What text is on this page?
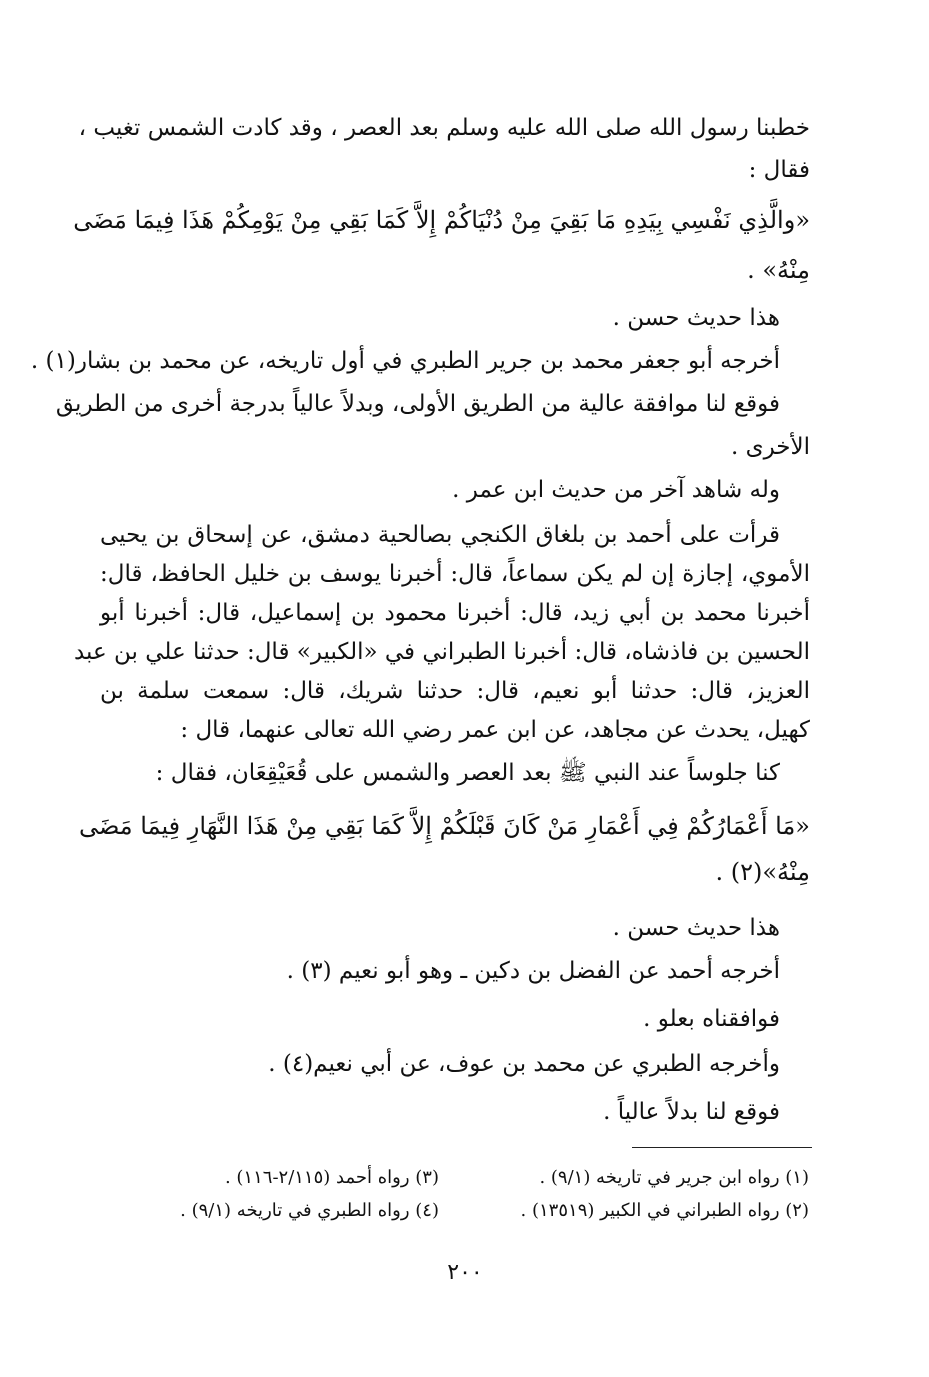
خطبنا رسول الله صلى الله عليه وسلم بعد العصر ، وقد كادت الشمس تغيب ،
فقال :
«والَّذِي نَفْسِي بِيَدِهِ مَا بَقِيَ مِنْ دُنْيَاكُمْ إِلاَّ كَمَا بَقِي مِنْ يَوْمِكُمْ هَذَا فِيمَا مَضَى
مِنْهُ» .
هذا حديث حسن .
أخرجه أبو جعفر محمد بن جرير الطبري في أول تاريخه، عن محمد بن بشار(١) .
فوقع لنا موافقة عالية من الطريق الأولى، وبدلاً عالياً بدرجة أخرى من الطريق
الأخرى .
وله شاهد آخر من حديث ابن عمر .
قرأت على أحمد بن بلغاق الكنجي بصالحية دمشق، عن إسحاق بن يحيى
الأموي، إجازة إن لم يكن سماعاً، قال: أخبرنا يوسف بن خليل الحافظ، قال:
أخبرنا محمد بن أبي زيد، قال: أخبرنا محمود بن إسماعيل، قال: أخبرنا أبو
الحسين بن فاذشاه، قال: أخبرنا الطبراني في «الكبير» قال: حدثنا علي بن عبد
العزيز، قال: حدثنا أبو نعيم، قال: حدثنا شريك، قال: سمعت سلمة بن
كهيل، يحدث عن مجاهد، عن ابن عمر رضي الله تعالى عنهما، قال :
كنا جلوساً عند النبي ﷺ بعد العصر والشمس على قُعَيْقِعَان، فقال :
«مَا أَعْمَارُكُمْ فِي أَعْمَارِ مَنْ كَانَ قَبْلَكُمْ إِلاَّ كَمَا بَقِي مِنْ هَذَا النَّهَارِ فِيمَا مَضَى
مِنْهُ»(٢) .
هذا حديث حسن .
أخرجه أحمد عن الفضل بن دكين ـ وهو أبو نعيم (٣) .
فوافقناه بعلو .
وأخرجه الطبري عن محمد بن عوف، عن أبي نعيم(٤) .
فوقع لنا بدلاً عالياً .
(١) رواه ابن جرير في تاريخه (٩/١) .
(٢) رواه الطبراني في الكبير (١٣٥١٩) .
(٣) رواه أحمد (٢/١١٥-١١٦) .
(٤) رواه الطبري في تاريخه (٩/١) .
٢٠٠
